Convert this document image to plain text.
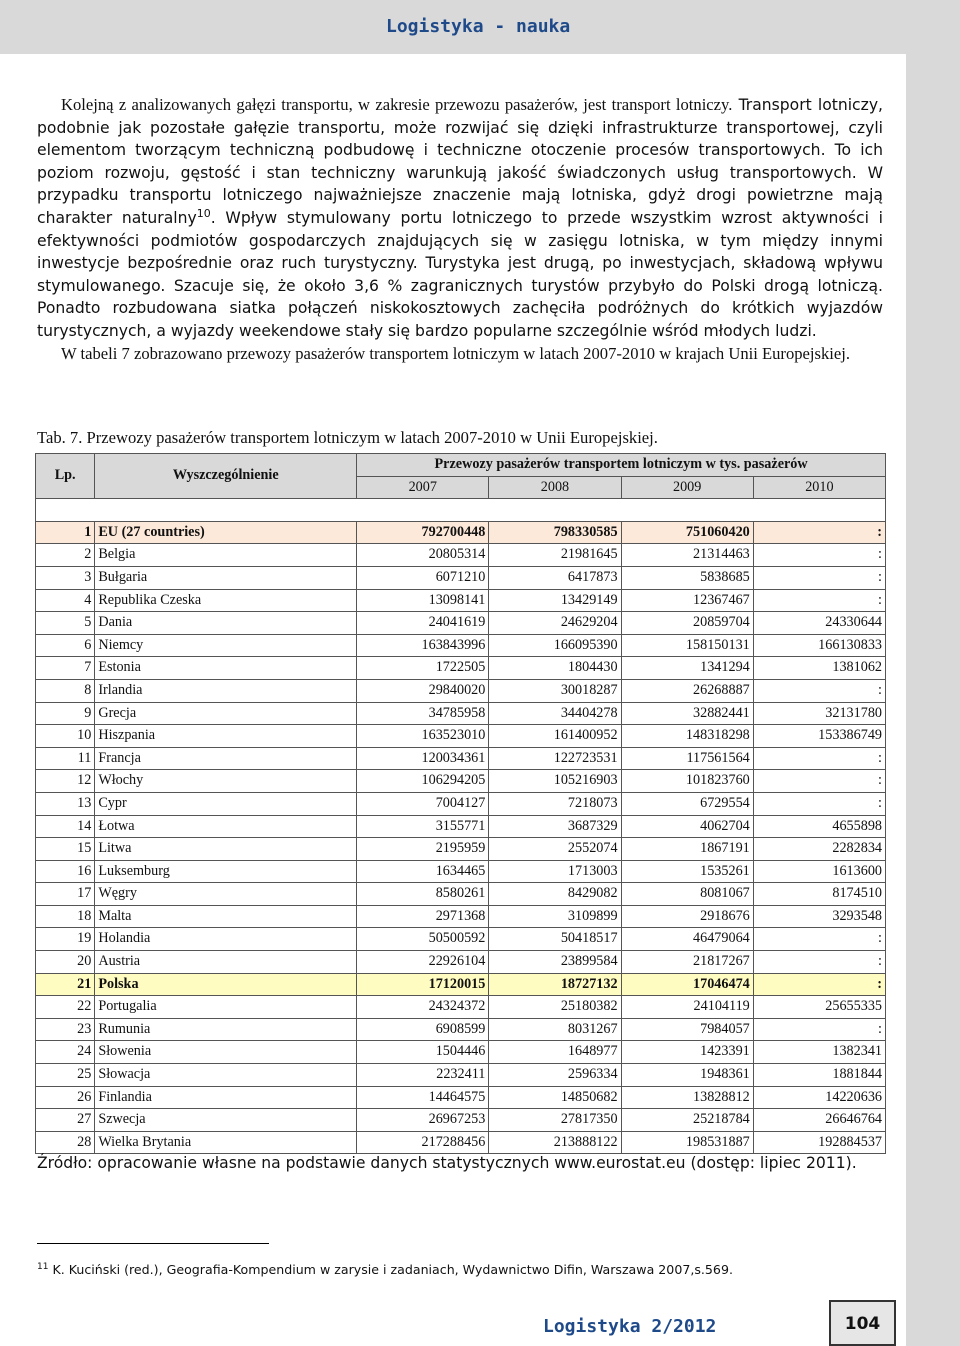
Logistyka - nauka

Kolejną z analizowanych gałęzi transportu, w zakresie przewozu pasażerów, jest transport lotniczy. Transport lotniczy, podobnie jak pozostałe gałęzie transportu, może rozwijać się dzięki infrastrukturze transportowej, czyli elementom tworzącym techniczną podbudowę i techniczne otoczenie procesów transportowych. To ich poziom rozwoju, gęstość i stan techniczny warunkują jakość świadczonych usług transportowych. W przypadku transportu lotniczego najważniejsze znaczenie mają lotniska, gdyż drogi powietrzne mają charakter naturalny$^{10}$. Wpływ stymulowany portu lotniczego to przede wszystkim wzrost aktywności i efektywności podmiotów gospodarczych znajdujących się w zasięgu lotniska, w tym między innymi inwestycje bezpośrednie oraz ruch turystyczny. Turystyka jest drugą, po inwestycjach, składową wpływu stymulowanego. Szacuje się, że około 3,6 % zagranicznych turystów przybyło do Polski drogą lotniczą. Ponadto rozbudowana siatka połączeń niskokosztowych zachęciła podróżnych do krótkich wyjazdów turystycznych, a wyjazdy weekendowe stały się bardzo popularne szczególnie wśród młodych ludzi.

W tabeli 7 zobrazowano przewozy pasażerów transportem lotniczym w latach 2007-2010 w krajach Unii Europejskiej.

Tab. 7. Przewozy pasażerów transportem lotniczym w latach 2007-2010 w Unii Europejskiej.
Lp.	Wyszczególnienie	Przewozy pasażerów transportem lotniczym w tys. pasażerów			
		2007	2008	2009	2010

1	EU (27 countries)	792700448	798330585	751060420	:
2	Belgia	20805314	21981645	21314463	:
3	Bułgaria	6071210	6417873	5838685	:
4	Republika Czeska	13098141	13429149	12367467	:
5	Dania	24041619	24629204	20859704	24330644
6	Niemcy	163843996	166095390	158150131	166130833
7	Estonia	1722505	1804430	1341294	1381062
8	Irlandia	29840020	30018287	26268887	:
9	Grecja	34785958	34404278	32882441	32131780
10	Hiszpania	163523010	161400952	148318298	153386749
11	Francja	120034361	122723531	117561564	:
12	Włochy	106294205	105216903	101823760	:
13	Cypr	7004127	7218073	6729554	:
14	Łotwa	3155771	3687329	4062704	4655898
15	Litwa	2195959	2552074	1867191	2282834
16	Luksemburg	1634465	1713003	1535261	1613600
17	Węgry	8580261	8429082	8081067	8174510
18	Malta	2971368	3109899	2918676	3293548
19	Holandia	50500592	50418517	46479064	:
20	Austria	22926104	23899584	21817267	:
21	Polska	17120015	18727132	17046474	:
22	Portugalia	24324372	25180382	24104119	25655335
23	Rumunia	6908599	8031267	7984057	:
24	Słowenia	1504446	1648977	1423391	1382341
25	Słowacja	2232411	2596334	1948361	1881844
26	Finlandia	14464575	14850682	13828812	14220636
27	Szwecja	26967253	27817350	25218784	26646764
28	Wielka Brytania	217288456	213888122	198531887	192884537
Źródło: opracowanie własne na podstawie danych statystycznych www.eurostat.eu (dostęp: lipiec 2011).
$^{11}$ K. Kuciński (red.), Geografia-Kompendium w zarysie i zadaniach, Wydawnictwo Difin, Warszawa 2007,s.569.
Logistyka 2/2012	104
